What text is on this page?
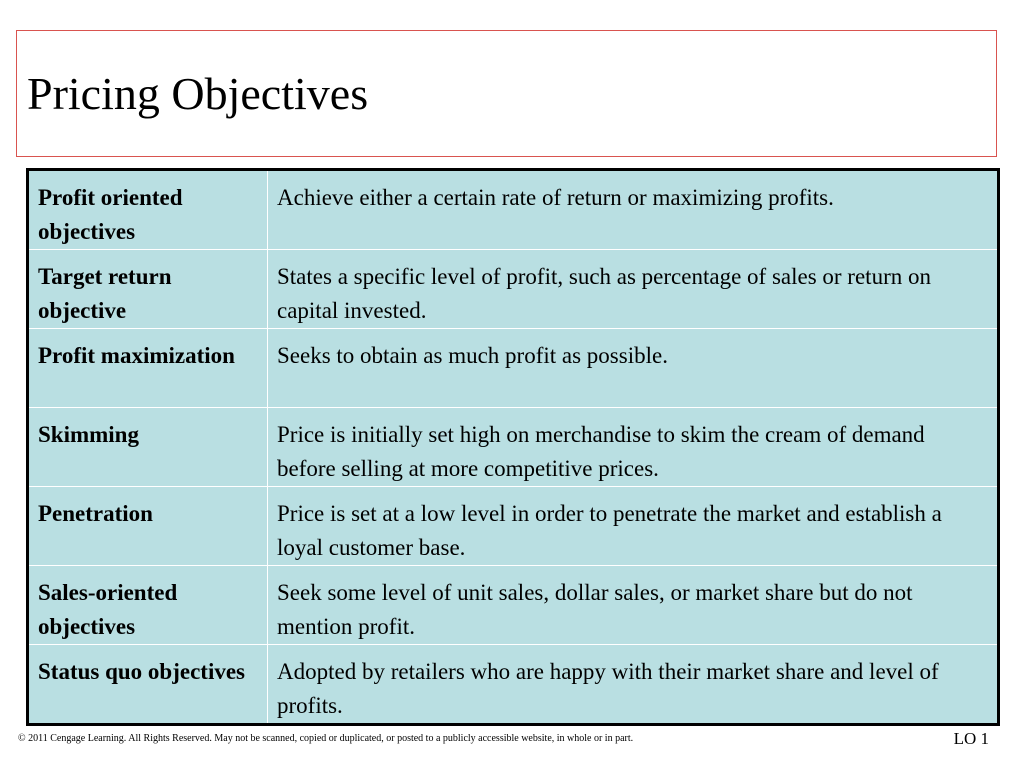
Pricing Objectives
Profit oriented objectives	Achieve either a certain rate of return or maximizing profits.
Target return objective	States a specific level of profit, such as percentage of sales or return on capital invested.
Profit maximization	Seeks to obtain as much profit as possible.
Skimming	Price is initially set high on merchandise to skim the cream of demand before selling at more competitive prices.
Penetration	Price is set at a low level in order to penetrate the market and establish a loyal customer base.
Sales-oriented objectives	Seek some level of unit sales, dollar sales, or market share but do not mention profit.
Status quo objectives	Adopted by retailers who are happy with their market share and level of profits.
© 2011 Cengage Learning. All Rights Reserved. May not be scanned, copied or duplicated, or posted to a publicly accessible website, in whole or in part.	LO 1
